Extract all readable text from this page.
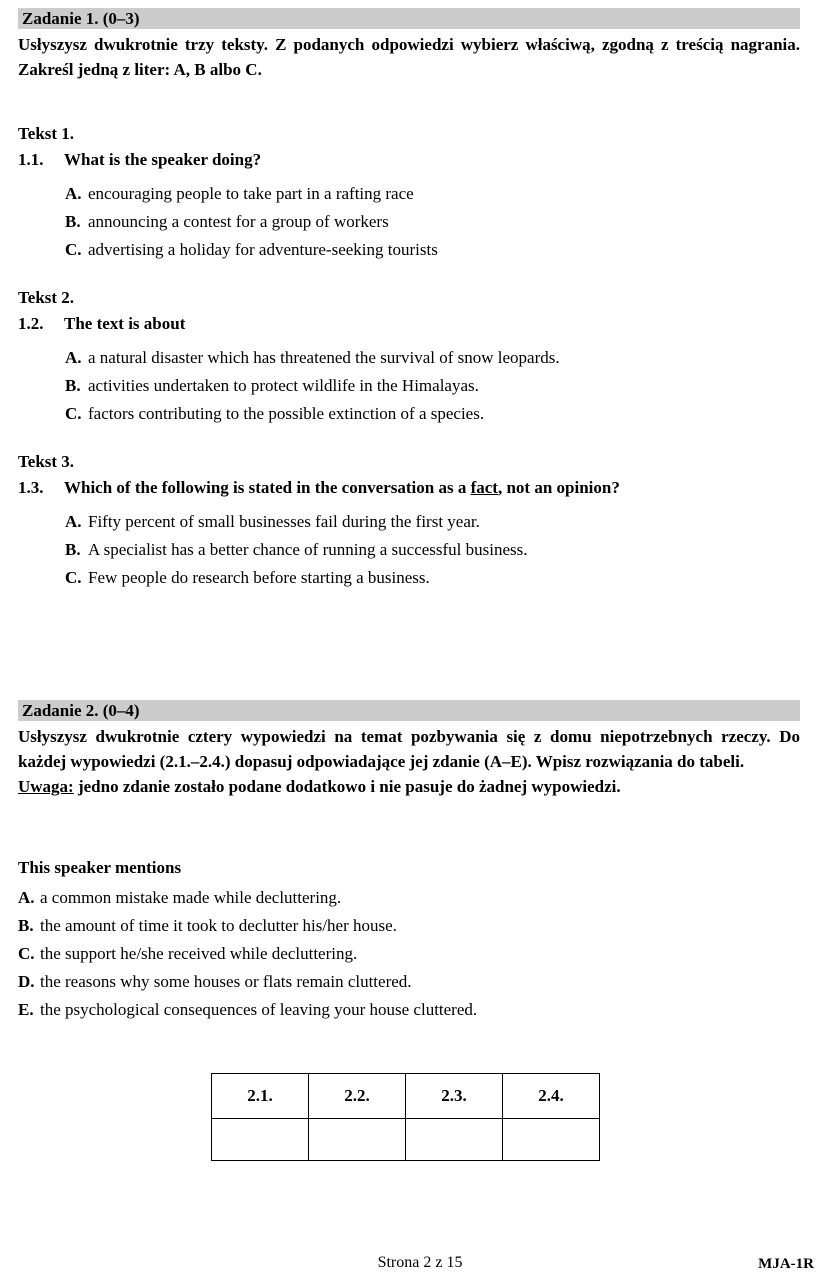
Zadanie 1. (0–3)
Usłyszysz dwukrotnie trzy teksty. Z podanych odpowiedzi wybierz właściwą, zgodną z treścią nagrania. Zakreśl jedną z liter: A, B albo C.
Tekst 1.
1.1. What is the speaker doing?
A. encouraging people to take part in a rafting race
B. announcing a contest for a group of workers
C. advertising a holiday for adventure-seeking tourists
Tekst 2.
1.2. The text is about
A. a natural disaster which has threatened the survival of snow leopards.
B. activities undertaken to protect wildlife in the Himalayas.
C. factors contributing to the possible extinction of a species.
Tekst 3.
1.3. Which of the following is stated in the conversation as a fact, not an opinion?
A. Fifty percent of small businesses fail during the first year.
B. A specialist has a better chance of running a successful business.
C. Few people do research before starting a business.
Zadanie 2. (0–4)
Usłyszysz dwukrotnie cztery wypowiedzi na temat pozbywania się z domu niepotrzebnych rzeczy. Do każdej wypowiedzi (2.1.–2.4.) dopasuj odpowiadające jej zdanie (A–E). Wpisz rozwiązania do tabeli.
Uwaga: jedno zdanie zostało podane dodatkowo i nie pasuje do żadnej wypowiedzi.
This speaker mentions
A. a common mistake made while decluttering.
B. the amount of time it took to declutter his/her house.
C. the support he/she received while decluttering.
D. the reasons why some houses or flats remain cluttered.
E. the psychological consequences of leaving your house cluttered.
2.1.	2.2.	2.3.	2.4.

Strona 2 z 15	MJA-1R
